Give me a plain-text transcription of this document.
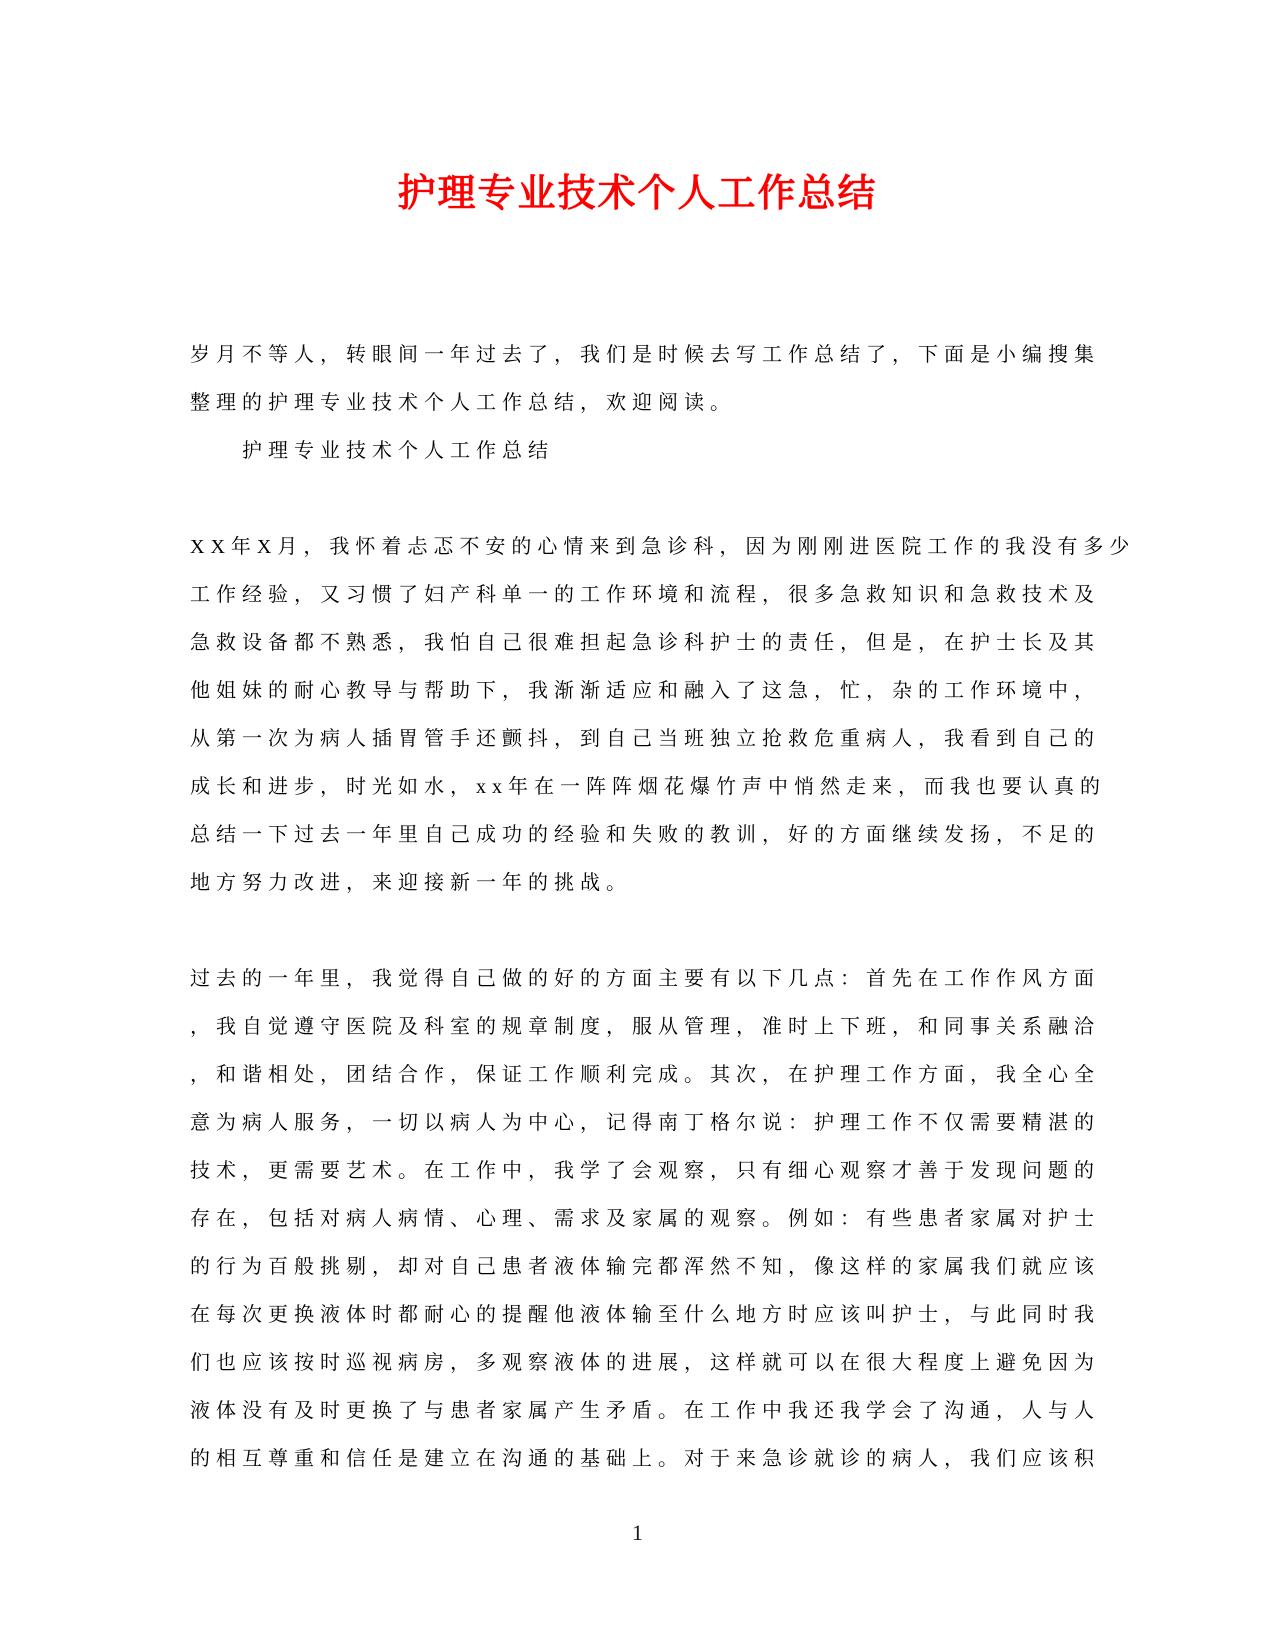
护理专业技术个人工作总结
岁月不等人，转眼间一年过去了，我们是时候去写工作总结了，下面是小编搜集
整理的护理专业技术个人工作总结，欢迎阅读。
护理专业技术个人工作总结
XX年X月，我怀着忐忑不安的心情来到急诊科，因为刚刚进医院工作的我没有多少
工作经验，又习惯了妇产科单一的工作环境和流程，很多急救知识和急救技术及
急救设备都不熟悉，我怕自己很难担起急诊科护士的责任，但是，在护士长及其
他姐妹的耐心教导与帮助下，我渐渐适应和融入了这急，忙，杂的工作环境中，
从第一次为病人插胃管手还颤抖，到自己当班独立抢救危重病人，我看到自己的
成长和进步，时光如水，xx年在一阵阵烟花爆竹声中悄然走来，而我也要认真的
总结一下过去一年里自己成功的经验和失败的教训，好的方面继续发扬，不足的
地方努力改进，来迎接新一年的挑战。
过去的一年里，我觉得自己做的好的方面主要有以下几点：首先在工作作风方面
，我自觉遵守医院及科室的规章制度，服从管理，准时上下班，和同事关系融洽
，和谐相处，团结合作，保证工作顺利完成。其次，在护理工作方面，我全心全
意为病人服务，一切以病人为中心，记得南丁格尔说：护理工作不仅需要精湛的
技术，更需要艺术。在工作中，我学了会观察，只有细心观察才善于发现问题的
存在，包括对病人病情、心理、需求及家属的观察。例如：有些患者家属对护士
的行为百般挑剔，却对自己患者液体输完都浑然不知，像这样的家属我们就应该
在每次更换液体时都耐心的提醒他液体输至什么地方时应该叫护士，与此同时我
们也应该按时巡视病房，多观察液体的进展，这样就可以在很大程度上避免因为
液体没有及时更换了与患者家属产生矛盾。在工作中我还我学会了沟通，人与人
的相互尊重和信任是建立在沟通的基础上。对于来急诊就诊的病人，我们应该积
1
